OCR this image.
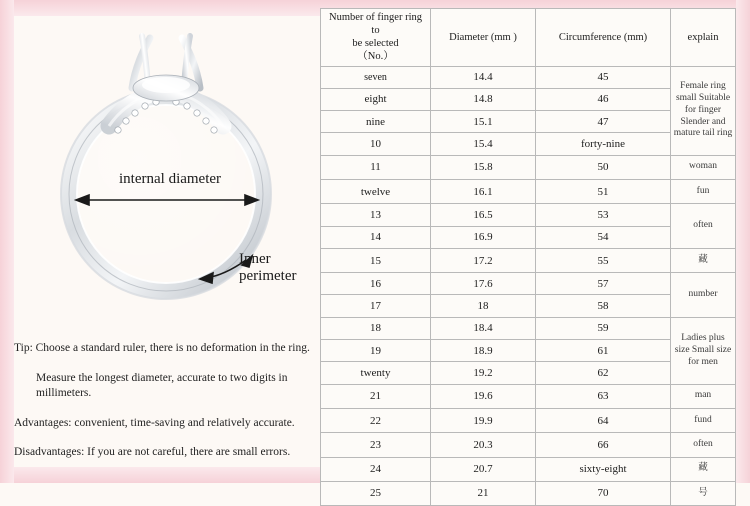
internal diameter
Inner perimeter

Tip: Choose a standard ruler, there is no deformation in the ring.

Measure the longest diameter, accurate to two digits in millimeters.

Advantages: convenient, time-saving and relatively accurate.

Disadvantages: If you are not careful, there are small errors.

Number of finger ring to
be selected
（No.）	Diameter (mm )	Circumference (mm)	explain
seven	14.4	45	Female ring small Suitable for finger Slender and mature tail ring
eight	14.8	46	
nine	15.1	47	
10	15.4	forty-nine	
11	15.8	50	woman
twelve	16.1	51	fun
13	16.5	53	often
14	16.9	54	
15	17.2	55	藏
16	17.6	57	number
17	18	58	
18	18.4	59	Ladies plus size Small size for men
19	18.9	61	
twenty	19.2	62	
21	19.6	63	man
22	19.9	64	fund
23	20.3	66	often
24	20.7	sixty-eight	藏
25	21	70	号
